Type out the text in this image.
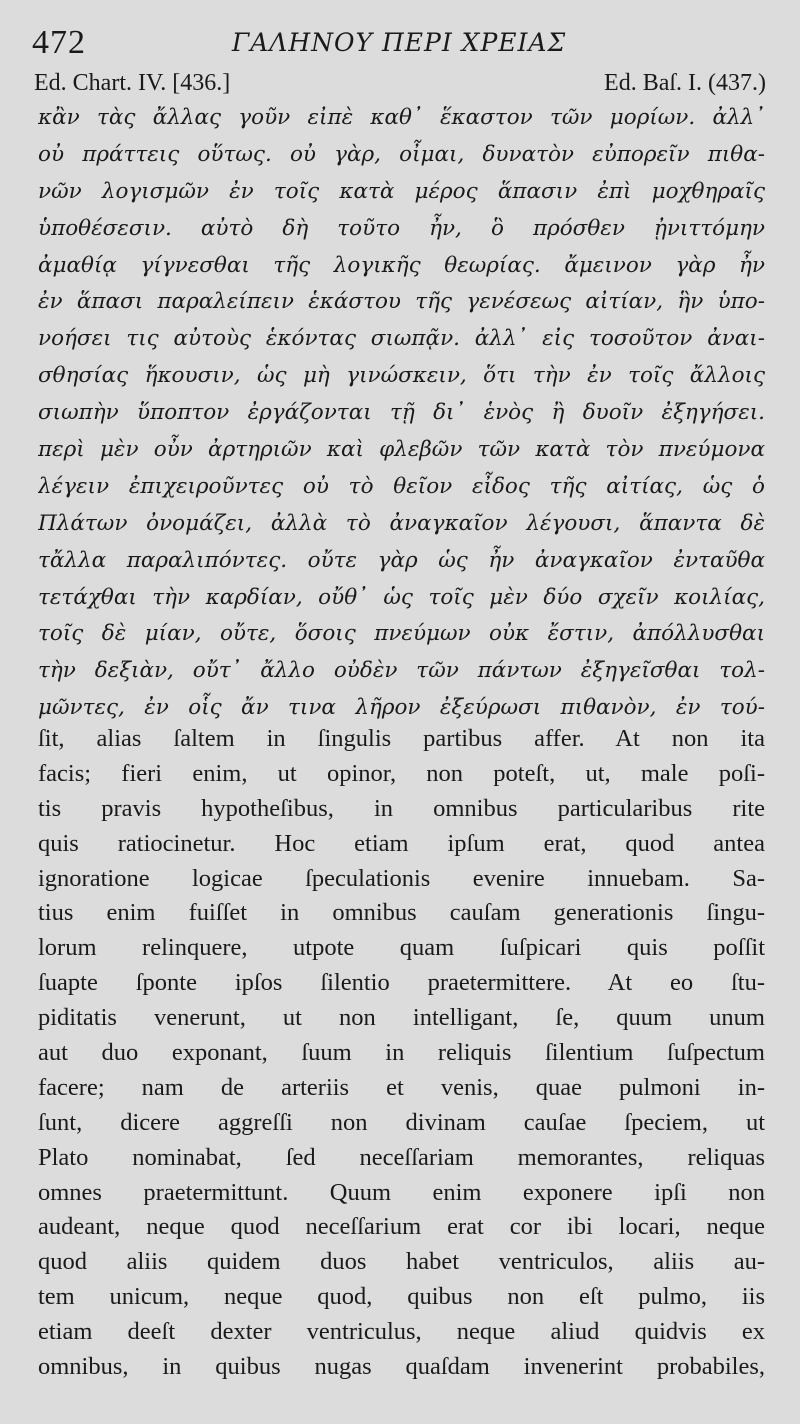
472	ΓΑΛΗΝΟΥ ΠΕΡΙ ΧΡΕΙΑΣ
Ed. Chart. IV. [436.]	Ed. Baſ. I. (437.)
κἂν τὰς ἄλλας γοῦν εἰπὲ καθ᾽ ἕκαστον τῶν μορίων. ἀλλ᾽
οὐ πράττεις οὕτως. οὐ γὰρ, οἶμαι, δυνατὸν εὐπορεῖν πιθα-
νῶν λογισμῶν ἐν τοῖς κατὰ μέρος ἅπασιν ἐπὶ μοχθηραῖς
ὑποθέσεσιν. αὐτὸ δὴ τοῦτο ἦν, ὃ πρόσθεν ᾐνιττόμην
ἀμαθίᾳ γίγνεσθαι τῆς λογικῆς θεωρίας. ἄμεινον γὰρ ἦν
ἐν ἅπασι παραλείπειν ἑκάστου τῆς γενέσεως αἰτίαν, ἣν ὑπο-
νοήσει τις αὐτοὺς ἑκόντας σιωπᾷν. ἀλλ᾽ εἰς τοσοῦτον ἀναι-
σθησίας ἥκουσιν, ὡς μὴ γινώσκειν, ὅτι τὴν ἐν τοῖς ἄλλοις
σιωπὴν ὕποπτον ἐργάζονται τῇ δι᾽ ἑνὸς ἢ δυοῖν ἐξηγήσει.
περὶ μὲν οὖν ἀρτηριῶν καὶ φλεβῶν τῶν κατὰ τὸν πνεύμονα
λέγειν ἐπιχειροῦντες οὐ τὸ θεῖον εἶδος τῆς αἰτίας, ὡς ὁ
Πλάτων ὀνομάζει, ἀλλὰ τὸ ἀναγκαῖον λέγουσι, ἅπαντα δὲ
τἄλλα παραλιπόντες. οὔτε γὰρ ὡς ἦν ἀναγκαῖον ἐνταῦθα
τετάχθαι τὴν καρδίαν, οὔθ᾽ ὡς τοῖς μὲν δύο σχεῖν κοιλίας,
τοῖς δὲ μίαν, οὔτε, ὅσοις πνεύμων οὐκ ἔστιν, ἀπόλλυσθαι
τὴν δεξιὰν, οὔτ᾽ ἄλλο οὐδὲν τῶν πάντων ἐξηγεῖσθαι τολ-
μῶντες, ἐν οἷς ἄν τινα λῆρον ἐξεύρωσι πιθανὸν, ἐν τού-
ſit, alias ſaltem in ſingulis partibus affer. At non ita
facis; fieri enim, ut opinor, non poteſt, ut, male poſi-
tis pravis hypotheſibus, in omnibus particularibus rite
quis ratiocinetur. Hoc etiam ipſum erat, quod antea
ignoratione logicae ſpeculationis evenire innuebam. Sa-
tius enim fuiſſet in omnibus cauſam generationis ſingu-
lorum relinquere, utpote quam ſuſpicari quis poſſit
ſuapte ſponte ipſos ſilentio praetermittere. At eo ſtu-
piditatis venerunt, ut non intelligant, ſe, quum unum
aut duo exponant, ſuum in reliquis ſilentium ſuſpectum
facere; nam de arteriis et venis, quae pulmoni in-
ſunt, dicere aggreſſi non divinam cauſae ſpeciem, ut
Plato nominabat, ſed neceſſariam memorantes, reliquas
omnes praetermittunt. Quum enim exponere ipſi non
audeant, neque quod neceſſarium erat cor ibi locari, neque
quod aliis quidem duos habet ventriculos, aliis au-
tem unicum, neque quod, quibus non eſt pulmo, iis
etiam deeſt dexter ventriculus, neque aliud quidvis ex
omnibus, in quibus nugas quaſdam invenerint probabiles,
